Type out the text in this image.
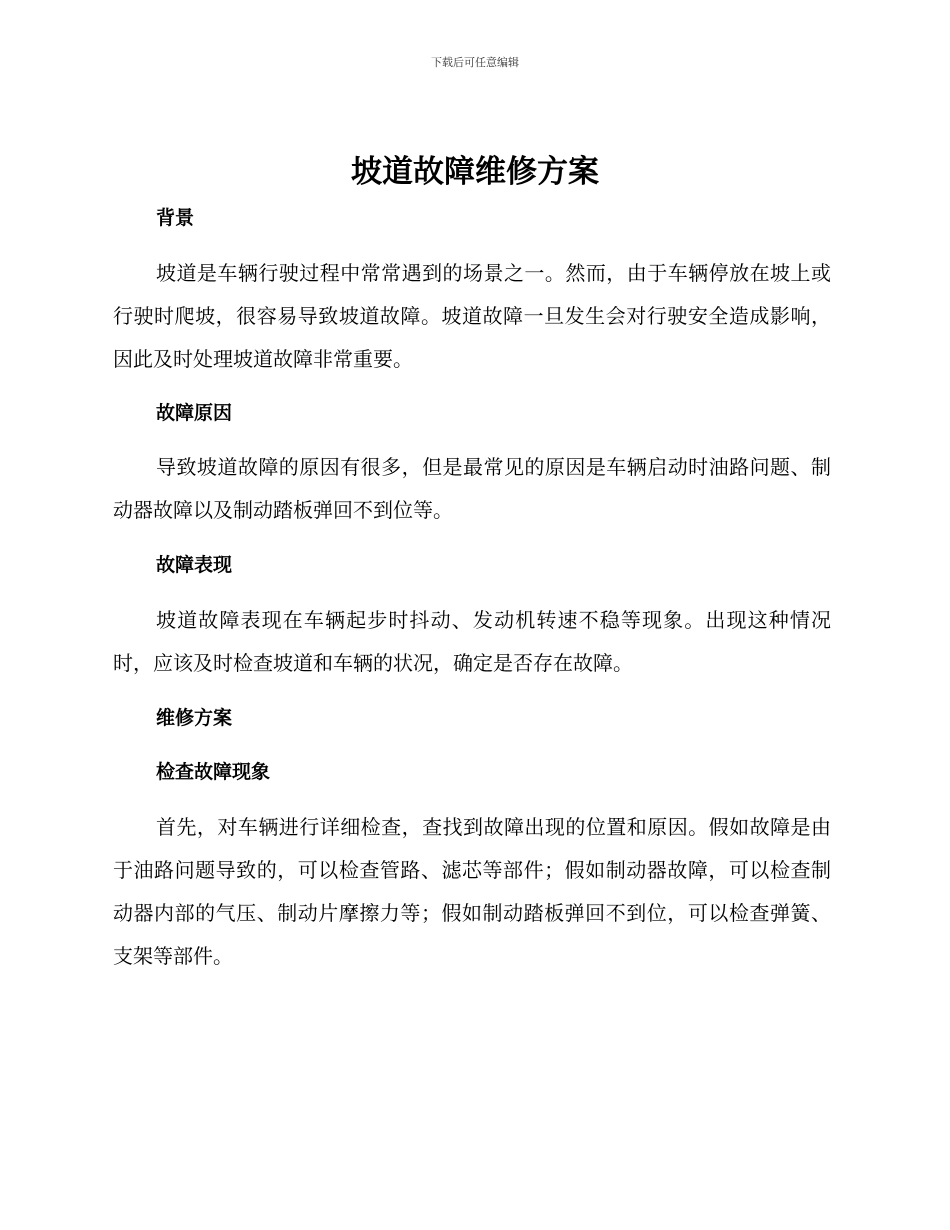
下载后可任意编辑
坡道故障维修方案
背景

坡道是车辆行驶过程中常常遇到的场景之一。然而，由于车辆停放在坡上或行驶时爬坡，很容易导致坡道故障。坡道故障一旦发生会对行驶安全造成影响，因此及时处理坡道故障非常重要。

故障原因

导致坡道故障的原因有很多，但是最常见的原因是车辆启动时油路问题、制动器故障以及制动踏板弹回不到位等。

故障表现

坡道故障表现在车辆起步时抖动、发动机转速不稳等现象。出现这种情况时，应该及时检查坡道和车辆的状况，确定是否存在故障。

维修方案
检查故障现象

首先，对车辆进行详细检查，查找到故障出现的位置和原因。假如故障是由于油路问题导致的，可以检查管路、滤芯等部件；假如制动器故障，可以检查制动器内部的气压、制动片摩擦力等；假如制动踏板弹回不到位，可以检查弹簧、支架等部件。
